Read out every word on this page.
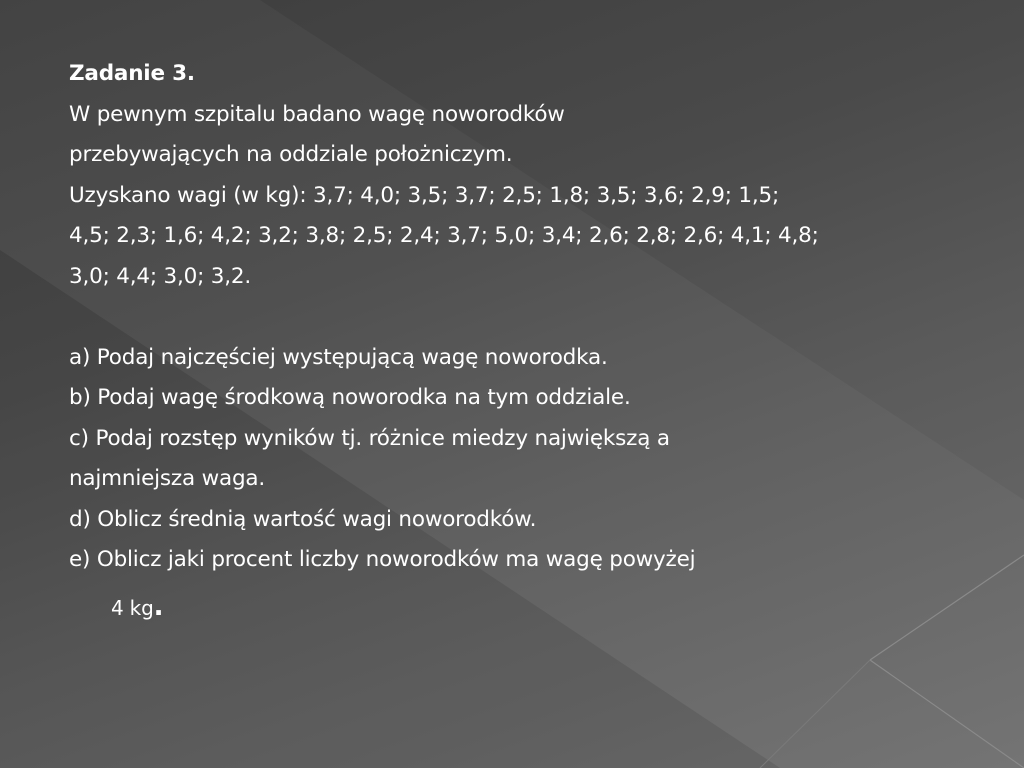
Zadanie 3.
W pewnym szpitalu badano wagę noworodków
przebywających na oddziale położniczym.
Uzyskano wagi (w kg): 3,7; 4,0; 3,5; 3,7; 2,5; 1,8; 3,5; 3,6; 2,9; 1,5;
4,5; 2,3; 1,6; 4,2; 3,2; 3,8; 2,5; 2,4; 3,7; 5,0; 3,4; 2,6; 2,8; 2,6; 4,1; 4,8;
3,0; 4,4; 3,0; 3,2.
a) Podaj najczęściej występującą wagę noworodka.
b) Podaj wagę środkową noworodka na tym oddziale.
c) Podaj rozstęp wyników tj. różnice miedzy największą a
najmniejsza waga.
d) Oblicz średnią wartość wagi noworodków.
e) Oblicz jaki procent liczby noworodków ma wagę powyżej
4 kg.
